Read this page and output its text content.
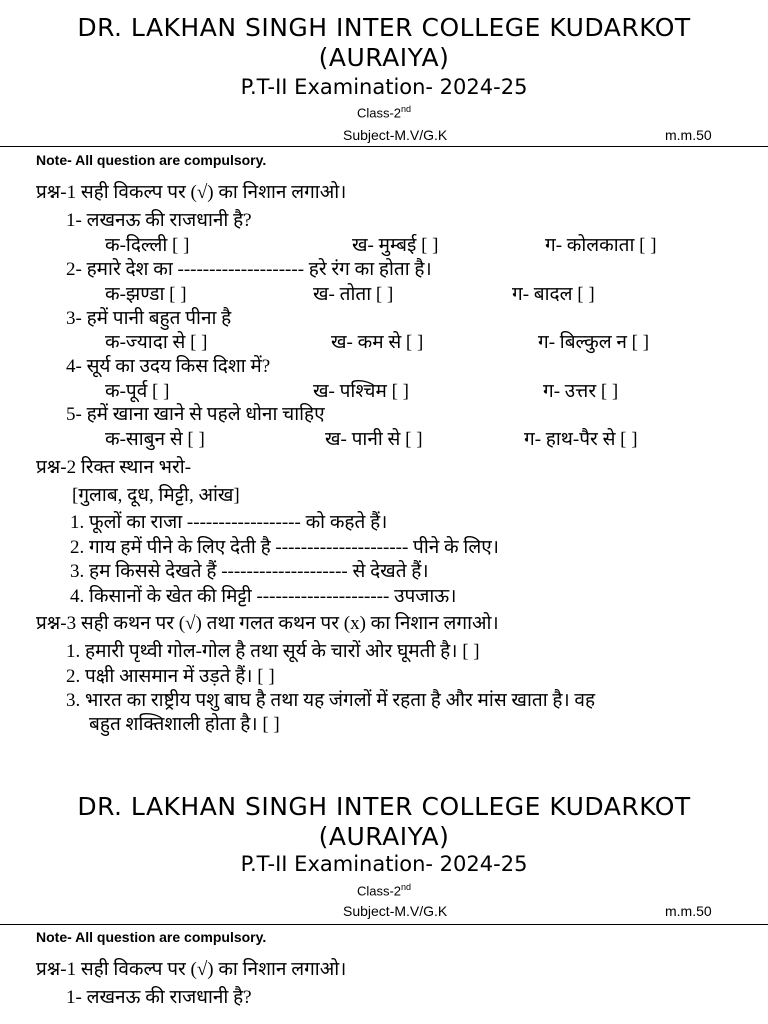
DR. LAKHAN SINGH INTER COLLEGE KUDARKOT
(AURAIYA)
P.T-II Examination- 2024-25
Class-2nd
Subject-M.V/G.K	m.m.50
Note- All question are compulsory.
प्रश्न-1 सही विकल्प पर (√) का निशान लगाओ।
1- लखनऊ की राजधानी है?
क-दिल्ली [ ]	ख- मुम्बई [ ]	ग- कोलकाता [ ]
2- हमारे देश का -------------------- हरे रंग का होता है।
क-झण्डा [ ]	ख- तोता [ ]	ग- बादल [ ]
3- हमें पानी बहुत पीना है
क-ज्यादा से [ ]	ख- कम से [ ]	ग- बिल्कुल न [ ]
4- सूर्य का उदय किस दिशा में?
क-पूर्व [ ]	ख- पश्चिम [ ]	ग- उत्तर [ ]
5- हमें खाना खाने से पहले धोना चाहिए
क-साबुन से [ ]	ख- पानी से [ ]	ग- हाथ-पैर से [ ]
प्रश्न-2 रिक्त स्थान भरो-
[गुलाब, दूध, मिट्टी, आंख]
1. फूलों का राजा ------------------ को कहते हैं।
2. गाय हमें पीने के लिए देती है --------------------- पीने के लिए।
3. हम किससे देखते हैं -------------------- से देखते हैं।
4. किसानों के खेत की मिट्टी --------------------- उपजाऊ।
प्रश्न-3 सही कथन पर (√) तथा गलत कथन पर (x) का निशान लगाओ।
1. हमारी पृथ्वी गोल-गोल है तथा सूर्य के चारों ओर घूमती है। [ ]
2. पक्षी आसमान में उड़ते हैं। [ ]
3. भारत का राष्ट्रीय पशु बाघ है तथा यह जंगलों में रहता है और मांस खाता है। वह
बहुत शक्तिशाली होता है। [ ]
DR. LAKHAN SINGH INTER COLLEGE KUDARKOT
(AURAIYA)
P.T-II Examination- 2024-25
Class-2nd
Subject-M.V/G.K	m.m.50
Note- All question are compulsory.
प्रश्न-1 सही विकल्प पर (√) का निशान लगाओ।
1- लखनऊ की राजधानी है?
